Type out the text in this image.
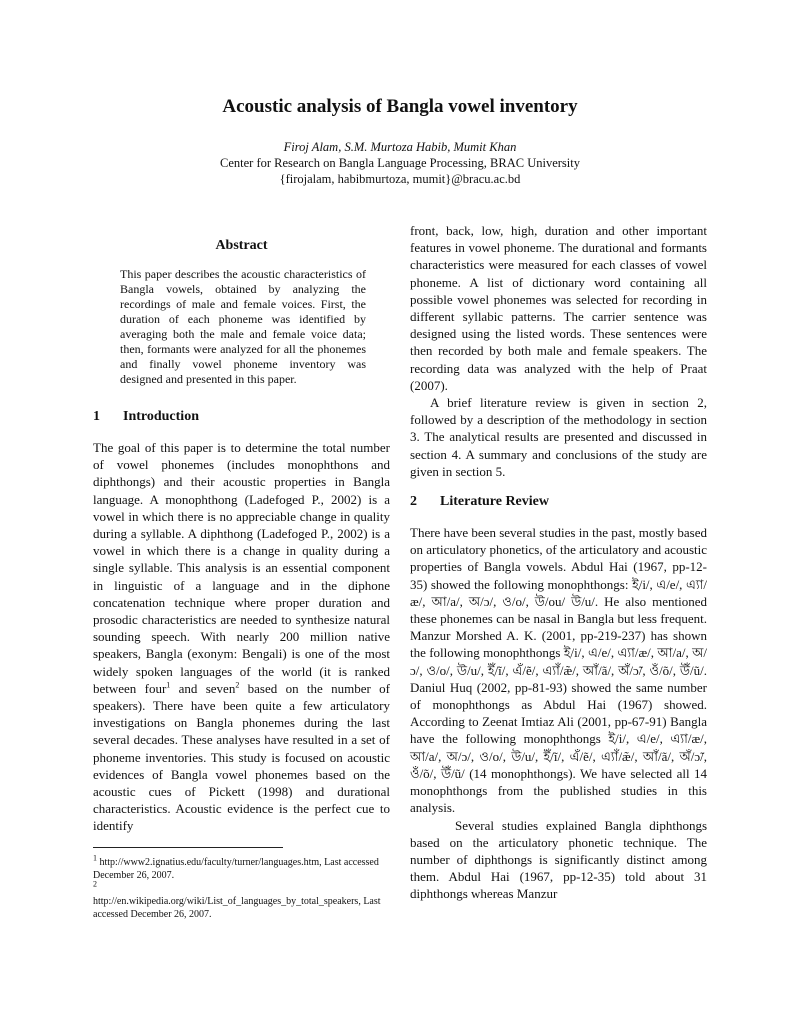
Acoustic analysis of Bangla vowel inventory
Firoj Alam, S.M. Murtoza Habib, Mumit Khan
Center for Research on Bangla Language Processing, BRAC University
{firojalam, habibmurtoza, mumit}@bracu.ac.bd
Abstract

This paper describes the acoustic characteristics of Bangla vowels, obtained by analyzing the recordings of male and female voices. First, the duration of each phoneme was identified by averaging both the male and female voice data; then, formants were analyzed for all the phonemes and finally vowel phoneme inventory was designed and presented in this paper.

1 Introduction

The goal of this paper is to determine the total number of vowel phonemes (includes monophthons and diphthongs) and their acoustic properties in Bangla language. A monophthong (Ladefoged P., 2002) is a vowel in which there is no appreciable change in quality during a syllable. A diphthong (Ladefoged P., 2002) is a vowel in which there is a change in quality during a single syllable. This analysis is an essential component in linguistic of a language and in the diphone concatenation technique where proper duration and prosodic characteristics are needed to synthesize natural sounding speech. With nearly 200 million native speakers, Bangla (exonym: Bengali) is one of the most widely spoken languages of the world (it is ranked between four$^1$ and seven$^2$ based on the number of speakers). There have been quite a few articulatory investigations on Bangla phonemes during the last several decades. These analyses have resulted in a set of phoneme inventories. This study is focused on acoustic evidences of Bangla vowel phonemes based on the acoustic cues of Pickett (1998) and durational characteristics. Acoustic evidence is the perfect cue to identify

$^1$ http://www2.ignatius.edu/faculty/turner/languages.htm, Last accessed December 26, 2007.

$^2$
http://en.wikipedia.org/wiki/List_of_languages_by_total_speakers, Last accessed December 26, 2007.

front, back, low, high, duration and other important features in vowel phoneme. The durational and formants characteristics were measured for each classes of vowel phoneme. A list of dictionary word containing all possible vowel phonemes was selected for recording in different syllabic patterns. The carrier sentence was designed using the listed words. These sentences were then recorded by both male and female speakers. The recording data was analyzed with the help of Praat (2007).

A brief literature review is given in section 2, followed by a description of the methodology in section 3. The analytical results are presented and discussed in section 4. A summary and conclusions of the study are given in section 5.

2 Literature Review

There have been several studies in the past, mostly based on articulatory phonetics, of the articulatory and acoustic properties of Bangla vowels. Abdul Hai (1967, pp-12-35) showed the following monophthongs: ই/i/, এ/e/, এ্যা/æ/, আ/a/, অ/ɔ/, ও/o/, উ/ou/ উ/u/. He also mentioned these phonemes can be nasal in Bangla but less frequent. Manzur Morshed A. K. (2001, pp-219-237) has shown the following monophthongs ই/i/, এ/e/, এ্যা/æ/, আ/a/, অ/ɔ/, ও/o/, উ/u/, ইঁ/ĩ/, এঁ/ẽ/, এ্যাঁ/æ̃/, আঁ/ã/, অঁ/ɔ̃/, ওঁ/õ/, উঁ/ũ/. Daniul Huq (2002, pp-81-93) showed the same number of monophthongs as Abdul Hai (1967) showed. According to Zeenat Imtiaz Ali (2001, pp-67-91) Bangla have the following monophthongs ই/i/, এ/e/, এ্যা/æ/, আ/a/, অ/ɔ/, ও/o/, উ/u/, ইঁ/ĩ/, এঁ/ẽ/, এ্যাঁ/æ̃/, আঁ/ã/, অঁ/ɔ̃/, ওঁ/õ/, উঁ/ũ/ (14 monophthongs). We have selected all 14 monophthongs from the published studies in this analysis.

Several studies explained Bangla diphthongs based on the articulatory phonetic technique. The number of diphthongs is significantly distinct among them. Abdul Hai (1967, pp-12-35) told about 31 diphthongs whereas Manzur
